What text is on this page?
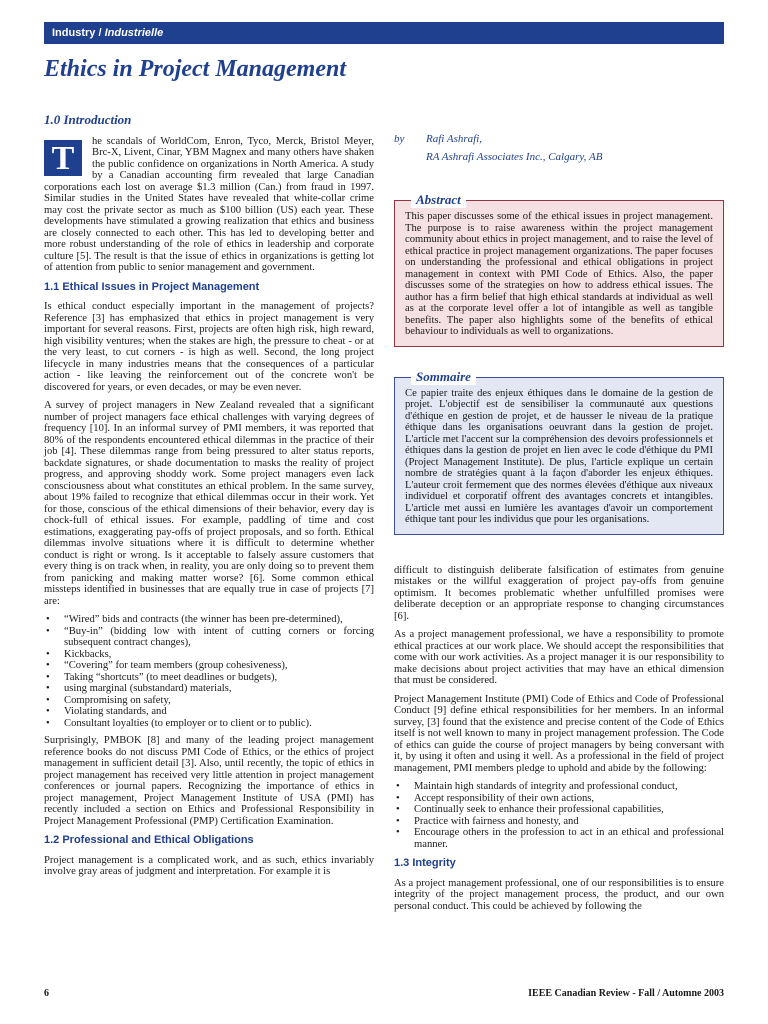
Industry / Industrielle
Ethics in Project Management
1.0 Introduction
T	he scandals of WorldCom, Enron, Tyco, Merck, Bristol Meyer, Brc-X, Livent, Cinar, YBM Magnex and many others have shaken the public confidence on organizations in North America. A study by a Canadian accounting firm revealed that large Canadian corporations each lost on average $1.3 million (Can.) from fraud in 1997. Similar studies in the United States have revealed that white-collar crime may cost the private sector as much as $100 billion (US) each year. These developments have stimulated a growing realization that ethics and business are closely connected to each other. This has led to developing better and more robust understanding of the role of ethics in leadership and corporate culture [5]. The result is that the issue of ethics in organizations is getting lot of attention from public to senior management and government.

1.1 Ethical Issues in Project Management

Is ethical conduct especially important in the management of projects? Reference [3] has emphasized that ethics in project management is very important for several reasons. First, projects are often high risk, high reward, high visibility ventures; when the stakes are high, the pressure to cheat - or at the very least, to cut corners - is high as well. Second, the long project lifecycle in many industries means that the consequences of a particular action - like leaving the reinforcement out of the concrete won't be discovered for years, or even decades, or may be even never.

A survey of project managers in New Zealand revealed that a significant number of project managers face ethical challenges with varying degrees of frequency [10]. In an informal survey of PMI members, it was reported that 80% of the respondents encountered ethical dilemmas in the practice of their job [4]. These dilemmas range from being pressured to alter status reports, backdate signatures, or shade documentation to masks the reality of project progress, and approving shoddy work. Some project managers even lack consciousness about what constitutes an ethical problem. In the same survey, about 19% failed to recognize that ethical dilemmas occur in their work. Yet for those, conscious of the ethical dimensions of their behavior, every day is chock-full of ethical issues. For example, paddling of time and cost estimations, exaggerating pay-offs of project proposals, and so forth. Ethical dilemmas involve situations where it is difficult to determine whether conduct is right or wrong. Is it acceptable to falsely assure customers that every thing is on track when, in reality, you are only doing so to prevent them from panicking and making matter worse? [6]. Some common ethical missteps identified in businesses that are equally true in case of projects [7] are:

• “Wired” bids and contracts (the winner has been pre-determined),
• “Buy-in” (bidding low with intent of cutting corners or forcing subsequent contract changes),
• Kickbacks,
• “Covering” for team members (group cohesiveness),
• Taking “shortcuts” (to meet deadlines or budgets),
• using marginal (substandard) materials,
• Compromising on safety,
• Violating standards, and
• Consultant loyalties (to employer or to client or to public).

Surprisingly, PMBOK [8] and many of the leading project management reference books do not discuss PMI Code of Ethics, or the ethics of project management in sufficient detail [3]. Also, until recently, the topic of ethics in project management has received very little attention in project management conferences or journal papers. Recognizing the importance of ethics in project management, Project Management Institute of USA (PMI) has recently included a section on Ethics and Professional Responsibility in Project Management Professional (PMP) Certification Examination.

1.2 Professional and Ethical Obligations

Project management is a complicated work, and as such, ethics invariably involve gray areas of judgment and interpretation. For example it is

by	Rafi Ashrafi,
RA Ashrafi Associates Inc., Calgary, AB
Abstract

This paper discusses some of the ethical issues in project management. The purpose is to raise awareness within the project management community about ethics in project management, and to raise the level of ethical practice in project management organizations. The paper focuses on understanding the professional and ethical obligations in project management in context with PMI Code of Ethics. Also, the paper discusses some of the strategies on how to address ethical issues. The author has a firm belief that high ethical standards at individual as well as at the corporate level offer a lot of intangible as well as tangible benefits. The paper also highlights some of the benefits of ethical behaviour to individuals as well to organizations.

Sommaire

Ce papier traite des enjeux éthiques dans le domaine de la gestion de projet. L'objectif est de sensibiliser la communauté aux questions d'éthique en gestion de projet, et de hausser le niveau de la pratique éthique dans les organisations oeuvrant dans la gestion de projet. L'article met l'accent sur la compréhension des devoirs professionnels et éthiques dans la gestion de projet en lien avec le code d'éthique du PMI (Project Management Institute). De plus, l'article explique un certain nombre de stratégies quant à la façon d'aborder les enjeux éthiques. L'auteur croit fermement que des normes élevées d'éthique aux niveaux individuel et corporatif offrent des avantages concrets et intangibles. L'article met aussi en lumière les avantages d'avoir un comportement éthique tant pour les individus que pour les organisations.

difficult to distinguish deliberate falsification of estimates from genuine mistakes or the willful exaggeration of project pay-offs from genuine optimism. It becomes problematic whether unfulfilled promises were deliberate deception or an appropriate response to changing circumstances [6].

As a project management professional, we have a responsibility to promote ethical practices at our work place. We should accept the responsibilities that come with our work activities. As a project manager it is our responsibility to make decisions about project activities that may have an ethical dimension that must be considered.

Project Management Institute (PMI) Code of Ethics and Code of Professional Conduct [9] define ethical responsibilities for her members. In an informal survey, [3] found that the existence and precise content of the Code of Ethics itself is not well known to many in project management profession. The Code of ethics can guide the course of project managers by being conversant with it, by using it often and using it well. As a professional in the field of project management, PMI members pledge to uphold and abide by the following:

• Maintain high standards of integrity and professional conduct,
• Accept responsibility of their own actions,
• Continually seek to enhance their professional capabilities,
• Practice with fairness and honesty, and
• Encourage others in the profession to act in an ethical and professional manner.
1.3 Integrity

As a project management professional, one of our responsibilities is to ensure integrity of the project management process, the product, and our own personal conduct. This could be achieved by following the

6	IEEE Canadian Review - Fall / Automne 2003
